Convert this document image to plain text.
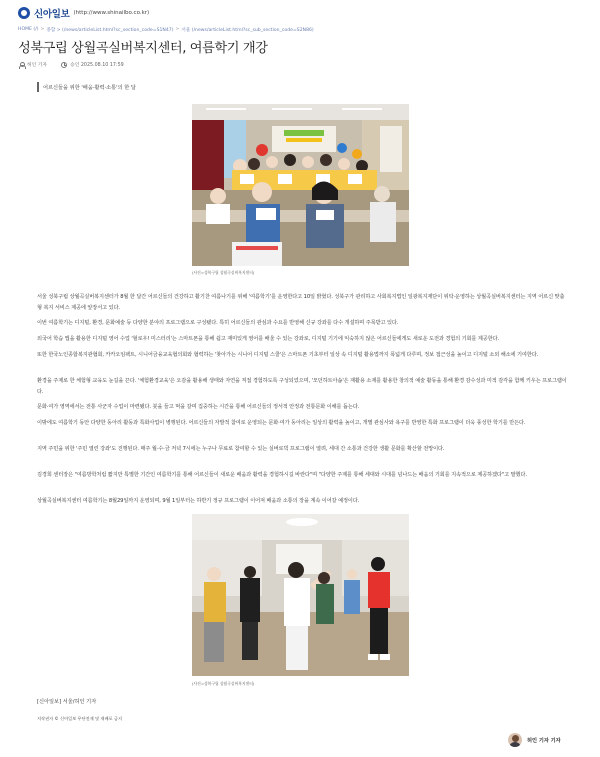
신아일보 (http://www.shinailbo.co.kr)
HOME (/) > 종합 > (/news/articleList.html?sc_section_code=S1N47) > 서울 (/news/articleList.html?sc_sub_section_code=S2N86)
성북구립 상월곡실버복지센터, 여름학기 개강
허인 기자	승인 2025.08.10 17:59
어르신들을 위한 '배움·활력·소통'의 한 달
(사진=성북구립 상월곡실버복지센터)

서울 성북구립 상월곡실버복지센터가 8월 한 달간 어르신들의 건강하고 활기찬 여름나기를 위해 '여름학기'를 운영한다고 10일 밝혔다. 성북구가 관리하고 사회복지법인 일광복지재단이 위탁·운영하는 상월곡실버복지센터는 지역 어르신 맞춤형 복지 서비스 제공에 앞장서고 있다.

이번 여름학기는 디지털, 환경, 문화예술 등 다양한 분야의 프로그램으로 구성됐다. 특히 어르신들의 관심과 수요를 반영해 신규 강좌를 다수 개설하며 주목받고 있다.

외국어 학습 앱을 활용한 디지털 영어 수업 '헐로우! 미스터리'는 스마트폰을 통해 쉽고 재미있게 영어를 배울 수 있는 강좌로, 디지털 기기에 익숙하지 않은 어르신들에게도 새로운 도전과 경험의 기회를 제공한다.

또한 한국노인종합복지관협회, 카카오임팩트, 시니어금융교육협의회와 협력하는 '찾아가는 시니어 디지털 스쿨'은 스마트폰 기초부터 일상 속 디지털 활용법까지 폭넓게 다루며, 정보 접근성을 높이고 디지털 소외 해소에 기여한다.

환경을 주제로 한 체험형 교육도 눈길을 끈다. '체험환경교육'은 오감을 활용해 생태와 자연을 직접 경험하도록 구성되었으며, '모던하트아솜'은 재활용 소재를 활용한 창의적 예술 활동을 통해 환경 감수성과 미적 감각을 함께 키우는 프로그램이다.

문화·여가 영역에서는 전통 사군자 수업이 마련됐다. 붓을 들고 먹을 갈며 집중하는 시간을 통해 어르신들의 정서적 안정과 전통문화 이해를 돕는다.

이밖에도 여름학기 동안 다양한 동아리 활동과 특화사업이 병행된다. 어르신들의 자발적 참여로 운영되는 문화·여가 동아리는 일상의 활력을 높이고, 개별 관심사와 욕구를 반영한 특화 프로그램이 더욱 풍성한 학기를 만든다.

지역 주민을 위한 '주민 열린 강좌'도 진행된다. 매주 월·수·금 저녁 7시에는 누구나 무료로 참여할 수 있는 실버로빅 프로그램이 열려, 세대 간 소통과 건강한 생활 문화를 확산할 전망이다.

김경희 센터장은 "여름방학처럼 짧지만 특별한 기간인 여름학기를 통해 어르신들이 새로운 배움과 활력을 경험하시길 바란다"며 "다양한 주제를 통해 세대와 시대를 넘나드는 배움의 기회를 지속적으로 제공하겠다"고 말했다.

상월곡실버복지센터 여름학기는 8월29일까지 운영되며, 9월 1일부터는 하반기 정규 프로그램이 이어져 배움과 소통의 장을 계속 이어갈 예정이다.

(사진=성북구립 상월곡실버복지센터)
[신아일보] 서울/허인 기자
저작권자 © 신아일보 무단전재 및 재배포 금지
허인 기자 기자
